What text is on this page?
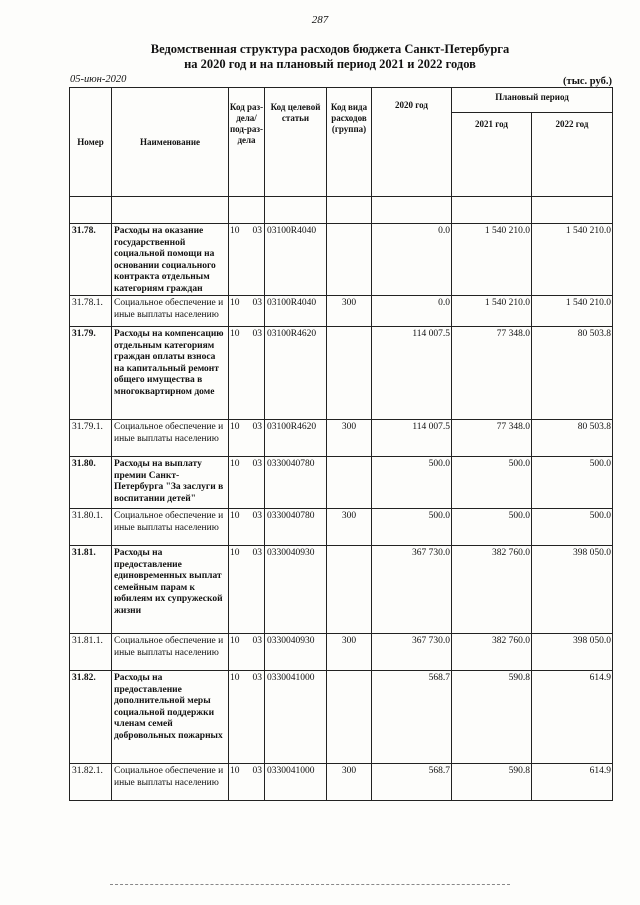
287
Ведомственная структура расходов бюджета Санкт-Петербурга
на 2020 год и на плановый период 2021 и 2022 годов
05-июн-2020	(тыс. руб.)
Номер	Наименование	Код раз-дела/ под-раз-дела		Код целевой статьи	Код вида расходов (группа)	2020 год	Плановый период	
							2021 год	2022 год

31.78.	Расходы на оказание государственной социальной помощи на основании социального контракта отдельным категориям граждан	10	03	03100R4040		0.0	1 540 210.0	1 540 210.0
31.78.1.	Социальное обеспечение и иные выплаты населению	10	03	03100R4040	300	0.0	1 540 210.0	1 540 210.0
31.79.	Расходы на компенсацию отдельным категориям граждан оплаты взноса на капитальный ремонт общего имущества в многоквартирном доме	10	03	03100R4620		114 007.5	77 348.0	80 503.8
31.79.1.	Социальное обеспечение и иные выплаты населению	10	03	03100R4620	300	114 007.5	77 348.0	80 503.8
31.80.	Расходы на выплату премии Санкт-Петербурга "За заслуги в воспитании детей"	10	03	0330040780		500.0	500.0	500.0
31.80.1.	Социальное обеспечение и иные выплаты населению	10	03	0330040780	300	500.0	500.0	500.0
31.81.	Расходы на предоставление единовременных выплат семейным парам к юбилеям их супружеской жизни	10	03	0330040930		367 730.0	382 760.0	398 050.0
31.81.1.	Социальное обеспечение и иные выплаты населению	10	03	0330040930	300	367 730.0	382 760.0	398 050.0
31.82.	Расходы на предоставление дополнительной меры социальной поддержки членам семей добровольных пожарных	10	03	0330041000		568.7	590.8	614.9
31.82.1.	Социальное обеспечение и иные выплаты населению	10	03	0330041000	300	568.7	590.8	614.9
